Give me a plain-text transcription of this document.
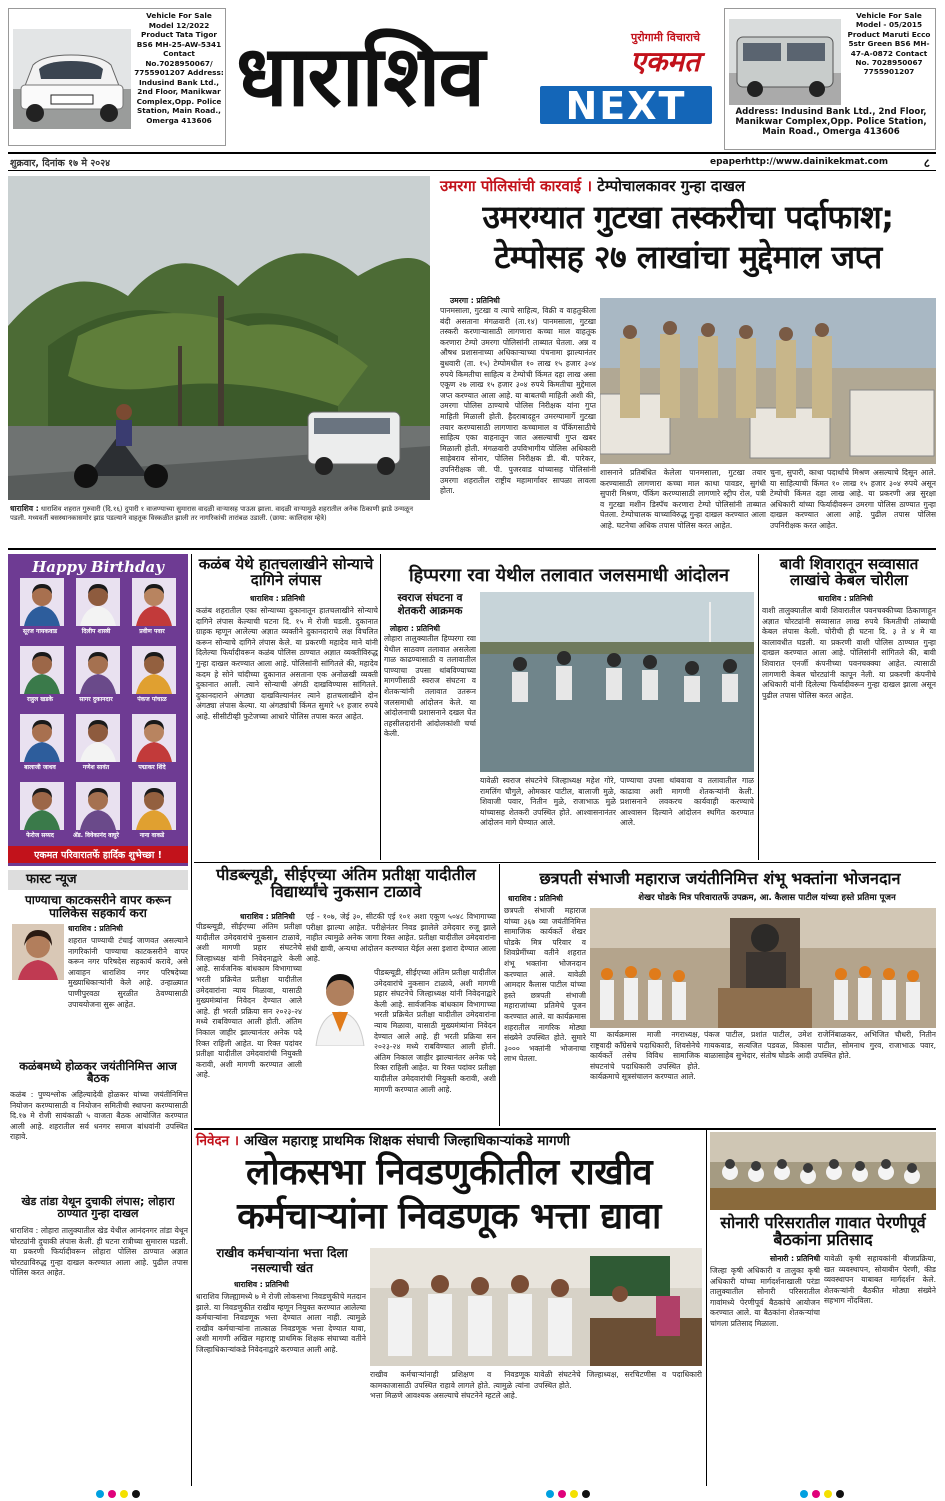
Vehicle For Sale Model 12/2022 Product Tata Tigor BS6 MH-25-AW-5341 Contact No.7028950067/ 7755901207 Address: Indusind Bank Ltd., 2nd Floor, Manikwar Complex,Opp. Police Station, Main Road., Omerga 413606 धाराशिव	पुरोगामी विचाराचे
एकमत
NEXT
Vehicle For Sale Model - 05/2015 Product Maruti Ecco 5str Green BS6 MH-47-A-0872 Contact No. 7028950067 7755901207
Address: Indusind Bank Ltd., 2nd Floor, Manikwar Complex,Opp. Police Station, Main Road., Omerga 413606
शुक्रवार, दिनांक १७ मे २०२४	epaper http://www.dainikekmat.com	८
धाराशिव : धाराशिव शहरात गुरुवारी (दि.१६) दुपारी १ वाजण्याच्या सुमारास वादळी वाऱ्यासह पाऊस झाला. वादळी वाऱ्यामुळे शहरातील अनेक ठिकाणी झाडे उन्मळून पडली. मध्यवर्ती बसस्थानकासमोर झाड पडल्याने वाहतूक विस्कळीत झाली तर नागरिकांची तारांबळ उडाली. (छाया: कालिदास म्हेत्रे)
उमरगा पोलिसांची कारवाई । टेम्पोचालकावर गुन्हा दाखल
उमरग्यात गुटखा तस्करीचा पर्दाफाश;
टेम्पोसह २७ लाखांचा मुद्देमाल जप्त
उमरगा : प्रतिनिधी
पानमसाला, गुटखा व त्याचे साहित्य, विक्री व वाहतुकीला बंदी असताना मंगळवारी (ता.१४) पानमसाला, गुटखा तस्करी करणाऱ्यासाठी लागणारा कच्चा माल वाहतूक करणारा टेम्पो उमरगा पोलिसांनी ताब्यात घेतला. अन्न व औषध प्रशासनाच्या अधिकाऱ्याच्या पंचनामा झाल्यानंतर बुधवारी (ता. १५) टेम्पोमधील १० लाख १५ हजार ३०४ रुपये किमतीचा साहित्य व टेम्पोची किंमत दहा लाख असा एकूण २७ लाख १५ हजार ३०४ रुपये किमतीचा मुद्देमाल जप्त करण्यात आला आहे. या बाबतची माहिती अशी की, उमरगा पोलिस ठाण्याचे पोलिस निरीक्षक यांना गुप्त माहिती मिळाली होती. हैदराबादहून उमरग्यामार्गे गुटखा तयार करण्यासाठी लागणारा कच्चामाल व पॅकिंगसाठीचे साहित्य एका वाहनातून जात असल्याची गुप्त खबर मिळाली होती. मंगळवारी उपविभागीय पोलिस अधिकारी साहेबराव सोनार, पोलिस निरीक्षक डी. बी. पारेकर, उपनिरीक्षक जी. पी. पुजरवाड यांच्यासह पोलिसांनी उमरगा शहरातील राष्ट्रीय महामार्गावर सापळा लावला होता.
शासनाने प्रतिबंधित केलेला पानमसाला, गुटखा तयार करण्यासाठी लागणारा कच्चा माल काथा पावडर, सुगंधी सुपारी मिश्रण, पॅकिंग करण्यासाठी लागणारे स्ट्रीप रोल, पत्री व गुटखा मशीन डिस्पॅच करणारा टेम्पो पोलिसांनी ताब्यात घेतला. टेम्पोचालक याच्याविरुद्ध गुन्हा दाखल करण्यात आला आहे. घटनेचा अधिक तपास पोलिस करत आहेत.
चुना, सुपारी, काथा पदार्थांचे मिश्रण असल्याचे दिसून आले. या साहित्याची किंमत १० लाख १५ हजार ३०४ रुपये असून टेम्पोची किंमत दहा लाख आहे. या प्रकरणी अन्न सुरक्षा अधिकारी यांच्या फिर्यादीवरून उमरगा पोलिस ठाण्यात गुन्हा दाखल करण्यात आला आहे. पुढील तपास पोलिस उपनिरीक्षक करत आहेत.
Happy Birthday
एकमत परिवारातर्फे हार्दिक शुभेच्छा !
फास्ट न्यूज
पाण्याचा काटकसरीने वापर करून पालिकेस सहकार्य करा
धाराशिव : प्रतिनिधी
शहरात पाण्याची टंचाई जाणवत असल्याने नागरिकांनी पाण्याचा काटकसरीने वापर करून नगर परिषदेस सहकार्य करावे, असे आवाहन धाराशिव नगर परिषदेच्या मुख्याधिकाऱ्यांनी केले आहे. उन्हाळ्यात पाणीपुरवठा सुरळीत ठेवण्यासाठी उपाययोजना सुरू आहेत.
कळंबमध्ये होळकर जयंतीनिमित्त आज बैठक
कळंब : पुण्यश्लोक अहिल्यादेवी होळकर यांच्या जयंतीनिमित्त नियोजन करण्यासाठी व नियोजन समितीची स्थापना करण्यासाठी दि.१७ मे रोजी सायंकाळी ५ वाजता बैठक आयोजित करण्यात आली आहे. शहरातील सर्व धनगर समाज बांधवांनी उपस्थित राहावे.
खेड तांडा येथून दुचाकी लंपास; लोहारा ठाण्यात गुन्हा दाखल
धाराशिव : लोहारा तालुक्यातील खेड येथील आनंदनगर तांडा येथून चोरट्यांनी दुचाकी लंपास केली. ही घटना रात्रीच्या सुमारास घडली. या प्रकरणी फिर्यादीवरून लोहारा पोलिस ठाण्यात अज्ञात चोरट्याविरुद्ध गुन्हा दाखल करण्यात आला आहे. पुढील तपास पोलिस करत आहेत.
कळंब येथे हातचलाखीने सोन्याचे दागिने लंपास
धाराशिव : प्रतिनिधी
कळंब शहरातील एका सोन्याच्या दुकानातून हातचलाखीने सोन्याचे दागिने लंपास केल्याची घटना दि. १५ मे रोजी घडली. दुकानात ग्राहक म्हणून आलेल्या अज्ञात व्यक्तीने दुकानदाराचे लक्ष विचलित करून सोन्याचे दागिने लंपास केले. या प्रकरणी महादेव माने यांनी दिलेल्या फिर्यादीवरून कळंब पोलिस ठाण्यात अज्ञात व्यक्तीविरुद्ध गुन्हा दाखल करण्यात आला आहे. पोलिसांनी सांगितले की, महादेव कदम हे सोने चांदीच्या दुकानात असताना एक अनोळखी व्यक्ती दुकानात आली. त्याने सोन्याची अंगठी दाखविण्यास सांगितले. दुकानदाराने अंगठ्या दाखविल्यानंतर त्याने हातचलाखीने दोन अंगठ्या लंपास केल्या. या अंगठ्यांची किंमत सुमारे ५१ हजार रुपये आहे. सीसीटीव्ही फुटेजच्या आधारे पोलिस तपास करत आहेत.
हिप्परगा रवा येथील तलावात जलसमाधी आंदोलन
स्वराज संघटना व शेतकरी आक्रमक
लोहारा : प्रतिनिधी
लोहारा तालुक्यातील हिप्परगा रवा येथील साठवण तलावात असलेला गाळ काढण्यासाठी व तलावातील पाण्याचा उपसा थांबविण्याच्या मागणीसाठी स्वराज संघटना व शेतकऱ्यांनी तलावात उतरून जलसमाधी आंदोलन केले. या आंदोलनाची प्रशासनाने दखल घेत तहसीलदारांनी आंदोलकांशी चर्चा केली.
यावेळी स्वराज संघटनेचे जिल्हाध्यक्ष महेश गोरे, रामलिंग चौगुले, ओमकार पाटील, बालाजी मुळे, शिवाजी पवार, नितीन मुळे, राजाभाऊ मुळे यांच्यासह शेतकरी उपस्थित होते. आश्वासनानंतर आंदोलन मागे घेण्यात आले.
पाण्याचा उपसा थांबवावा व तलावातील गाळ काढावा अशी मागणी शेतकऱ्यांनी केली. प्रशासनाने लवकरच कार्यवाही करण्याचे आश्वासन दिल्याने आंदोलन स्थगित करण्यात आले.
बावी शिवारातून सव्वासात लाखांचे केबल चोरीला
धाराशिव : प्रतिनिधी
वाशी तालुक्यातील बावी शिवारातील पवनचक्कीच्या ठिकाणाहून अज्ञात चोरट्यांनी सव्वासात लाख रुपये किमतीची तांब्याची केबल लंपास केली. चोरीची ही घटना दि. ३ ते ४ मे या कालावधीत घडली. या प्रकरणी वाशी पोलिस ठाण्यात गुन्हा दाखल करण्यात आला आहे. पोलिसांनी सांगितले की, बावी शिवारात एनर्जी कंपनीच्या पवनचक्क्या आहेत. त्यासाठी लागणारी केबल चोरट्यांनी कापून नेली. या प्रकरणी कंपनीचे अधिकारी यांनी दिलेल्या फिर्यादीवरून गुन्हा दाखल झाला असून पुढील तपास पोलिस करत आहेत.
पीडब्ल्यूडी, सीईएच्या अंतिम प्रतीक्षा यादीतील विद्यार्थ्यांचे नुकसान टाळावे
धाराशिव : प्रतिनिधी
पीडब्ल्यूडी, सीईएच्या अंतिम प्रतीक्षा यादीतील उमेदवारांचे नुकसान टाळावे, अशी मागणी प्रहार संघटनेचे जिल्हाध्यक्ष यांनी निवेदनाद्वारे केली आहे. सार्वजनिक बांधकाम विभागाच्या भरती प्रक्रियेत प्रतीक्षा यादीतील उमेदवारांना न्याय मिळावा, यासाठी मुख्यमंत्र्यांना निवेदन देण्यात आले आहे. ही भरती प्रक्रिया सन २०२३-२४ मध्ये राबविण्यात आली होती. अंतिम निकाल जाहीर झाल्यानंतर अनेक पदे रिक्त राहिली आहेत. या रिक्त पदांवर प्रतीक्षा यादीतील उमेदवारांची नियुक्ती करावी, अशी मागणी करण्यात आली आहे.
एई - १०७, जेई ३०, सीटकी एई १०१ अशा एकूण ५०४८ विभागाच्या परीक्षा झाल्या आहेत. परीक्षेनंतर निवड झालेले उमेदवार रुजू झाले नाहीत त्यामुळे अनेक जागा रिक्त आहेत. प्रतीक्षा यादीतील उमेदवारांना संधी द्यावी, अन्यथा आंदोलन करण्यात येईल असा इशारा देण्यात आला आहे.
पीडब्ल्यूडी, सीईएच्या अंतिम प्रतीक्षा यादीतील उमेदवारांचे नुकसान टाळावे, अशी मागणी प्रहार संघटनेचे जिल्हाध्यक्ष यांनी निवेदनाद्वारे केली आहे. सार्वजनिक बांधकाम विभागाच्या भरती प्रक्रियेत प्रतीक्षा यादीतील उमेदवारांना न्याय मिळावा, यासाठी मुख्यमंत्र्यांना निवेदन देण्यात आले आहे. ही भरती प्रक्रिया सन २०२३-२४ मध्ये राबविण्यात आली होती. अंतिम निकाल जाहीर झाल्यानंतर अनेक पदे रिक्त राहिली आहेत. या रिक्त पदांवर प्रतीक्षा यादीतील उमेदवारांची नियुक्ती करावी, अशी मागणी करण्यात आली आहे.
छत्रपती संभाजी महाराज जयंतीनिमित्त शंभू भक्तांना भोजनदान
धाराशिव : प्रतिनिधी	शेखर घोडके मित्र परिवारातर्फे उपक्रम, आ. कैलास पाटील यांच्या हस्ते प्रतिमा पूजन
छत्रपती संभाजी महाराज यांच्या ३६७ व्या जयंतीनिमित्त सामाजिक कार्यकर्ते शेखर घोडके मित्र परिवार व शिवप्रेमींच्या वतीने शहरात शंभू भक्तांना भोजनदान करण्यात आले. यावेळी आमदार कैलास पाटील यांच्या हस्ते छत्रपती संभाजी महाराजांच्या प्रतिमेचे पूजन करण्यात आले. या कार्यक्रमास शहरातील नागरिक मोठ्या संख्येने उपस्थित होते. सुमारे ३००० भक्तांनी भोजनाचा लाभ घेतला.
या कार्यक्रमास माजी नगराध्यक्ष, राष्ट्रवादी काँग्रेसचे पदाधिकारी, शिवसेनेचे कार्यकर्ते तसेच विविध सामाजिक संघटनांचे पदाधिकारी उपस्थित होते. कार्यक्रमाचे सूत्रसंचालन करण्यात आले.
पंकज पाटील, प्रशांत पाटील, उमेश राजेनिंबाळकर, अभिजित चौधरी, नितीन गायकवाड, सत्यजित पडवळ, विकास पाटील, सोमनाथ गुरव, राजाभाऊ पवार, बाळासाहेब सुभेदार, संतोष घोडके आदी उपस्थित होते.
निवेदन । अखिल महाराष्ट्र प्राथमिक शिक्षक संघाची जिल्हाधिकाऱ्यांकडे मागणी
लोकसभा निवडणुकीतील राखीव
कर्मचाऱ्यांना निवडणूक भत्ता द्यावा
राखीव कर्मचाऱ्यांना भत्ता दिला नसल्याची खंत
धाराशिव : प्रतिनिधी
धाराशिव जिल्ह्यामध्ये ७ मे रोजी लोकसभा निवडणुकीचे मतदान झाले. या निवडणुकीत राखीव म्हणून नियुक्त करण्यात आलेल्या कर्मचाऱ्यांना निवडणूक भत्ता देण्यात आला नाही. त्यामुळे राखीव कर्मचाऱ्यांना तात्काळ निवडणूक भत्ता देण्यात यावा, अशी मागणी अखिल महाराष्ट्र प्राथमिक शिक्षक संघाच्या वतीने जिल्हाधिकाऱ्यांकडे निवेदनाद्वारे करण्यात आली आहे.
राखीव कर्मचाऱ्यांनाही प्रशिक्षण व निवडणूक कामकाजासाठी उपस्थित राहावे लागले होते. त्यामुळे त्यांना भत्ता मिळणे आवश्यक असल्याचे संघटनेने म्हटले आहे.
यावेळी संघटनेचे जिल्हाध्यक्ष, सरचिटणीस व पदाधिकारी उपस्थित होते.
सोनारी परिसरातील गावात पेरणीपूर्व बैठकांना प्रतिसाद
सोनारी : प्रतिनिधी
जिल्हा कृषी अधिकारी व तालुका कृषी अधिकारी यांच्या मार्गदर्शनाखाली परंडा तालुक्यातील सोनारी परिसरातील गावांमध्ये पेरणीपूर्व बैठकांचे आयोजन करण्यात आले. या बैठकांना शेतकऱ्यांचा चांगला प्रतिसाद मिळाला.
यावेळी कृषी सहायकांनी बीजप्रक्रिया, खत व्यवस्थापन, सोयाबीन पेरणी, कीड व्यवस्थापन याबाबत मार्गदर्शन केले. शेतकऱ्यांनी बैठकीत मोठ्या संख्येने सहभाग नोंदविला.
सूरज गायकवाड	दिलीप शास्त्री	प्रवीण पवार
राहुल खडके	सागर दुकानदार	पंकज पांचाळ
बालाजी जाधव	गणेश सावंत	पद्माकर शिंदे
फेरोज सय्यद	ॲड. विवेकानंद वाघुरे	नाना वाकडे
